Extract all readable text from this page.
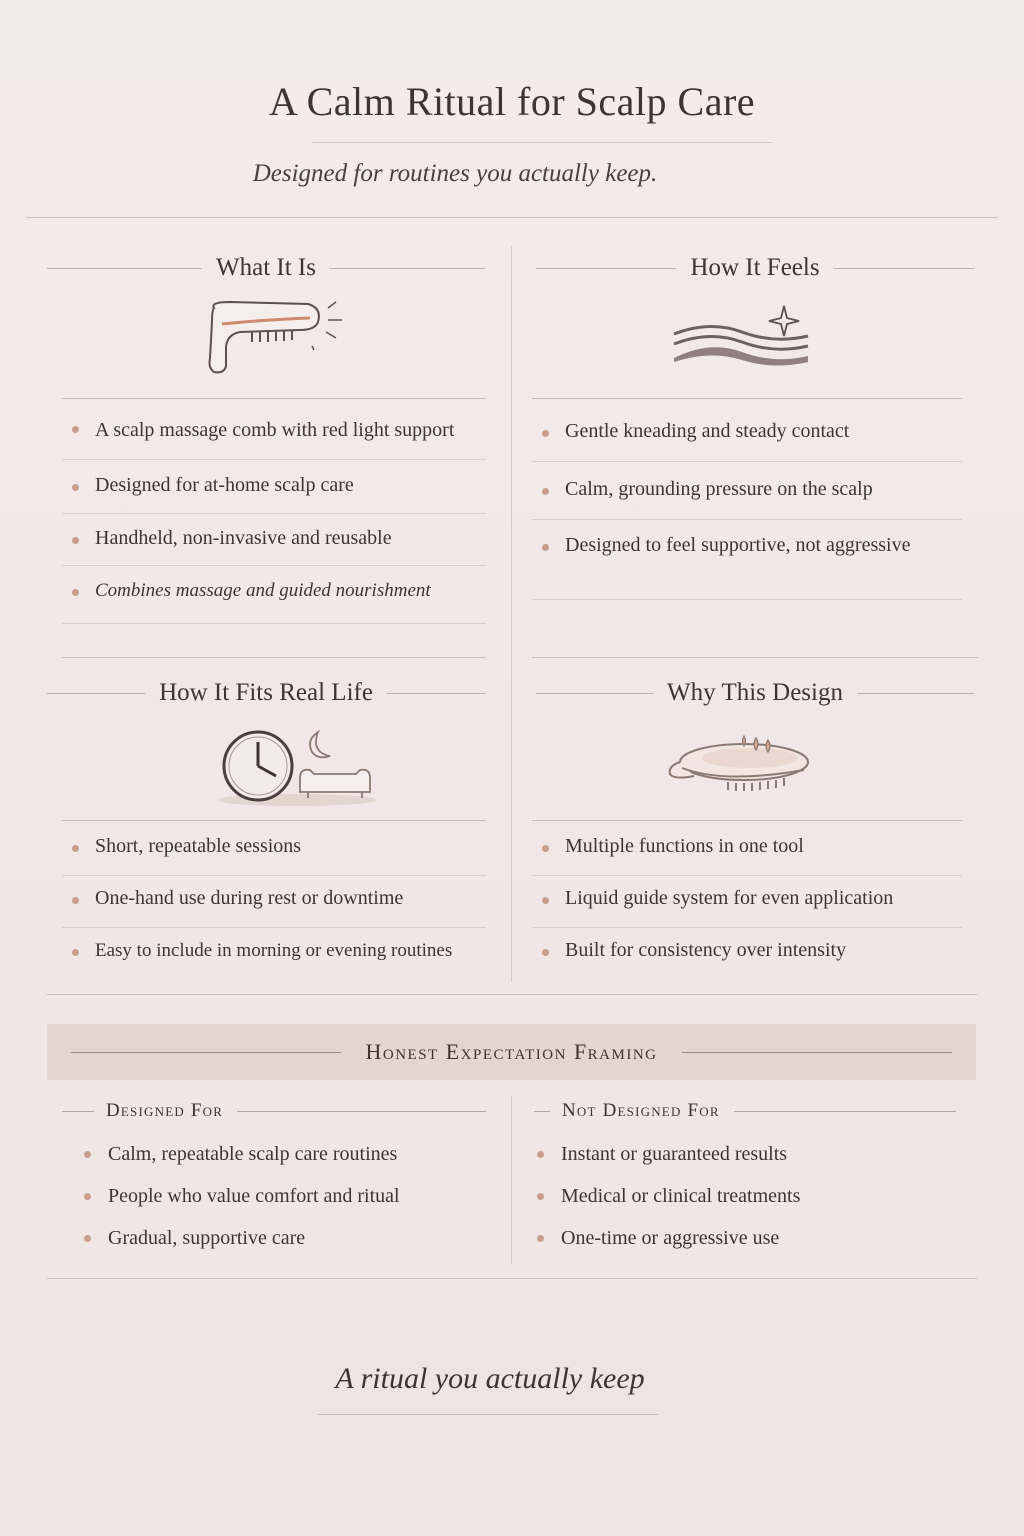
A Calm Ritual for Scalp Care
Designed for routines you actually keep.
What It Is
A scalp massage comb with red light support
Designed for at-home scalp care
Handheld, non-invasive and reusable
Combines massage and guided nourishment
How It Feels
Gentle kneading and steady contact
Calm, grounding pressure on the scalp
Designed to feel supportive, not aggressive
How It Fits Real Life
Short, repeatable sessions
One-hand use during rest or downtime
Easy to include in morning or evening routines
Why This Design
Multiple functions in one tool
Liquid guide system for even application
Built for consistency over intensity
Honest Expectation Framing
Designed For
Calm, repeatable scalp care routines
People who value comfort and ritual
Gradual, supportive care
Not Designed For
Instant or guaranteed results
Medical or clinical treatments
One-time or aggressive use
A ritual you actually keep
